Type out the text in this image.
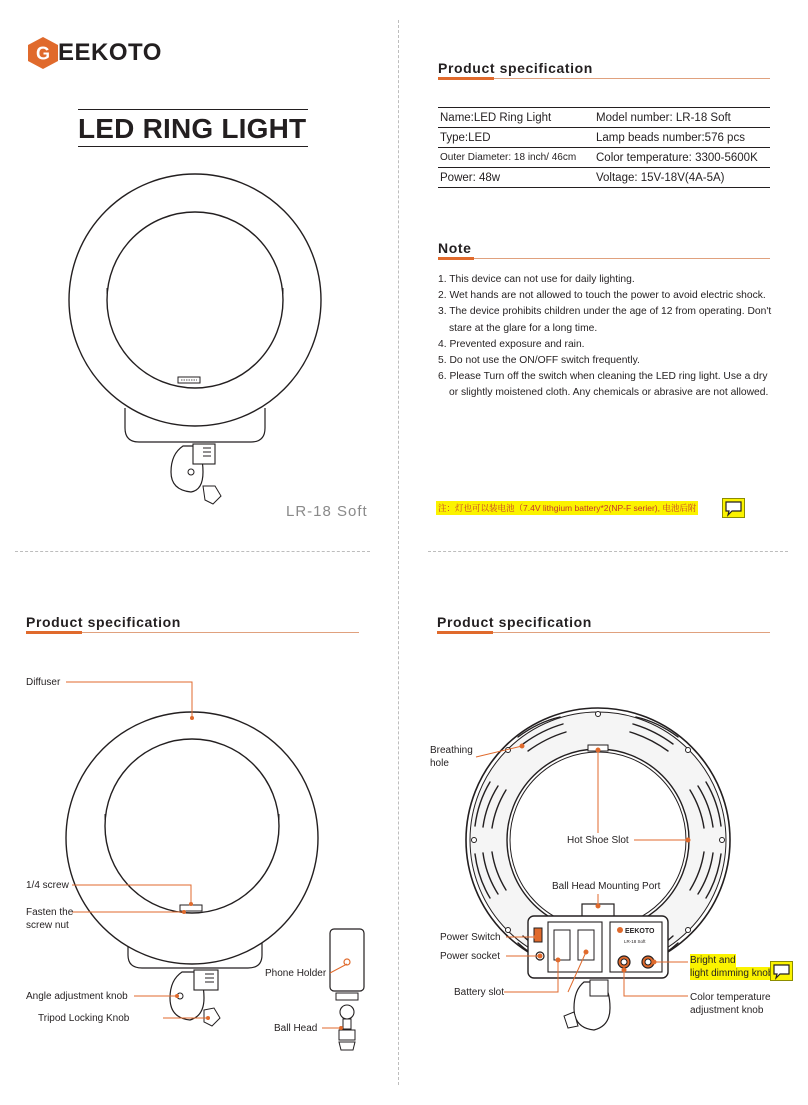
G EEKOTO
LED RING LIGHT
LR-18 Soft
Product specification
Name:LED Ring Light	Model number: LR-18 Soft
Type:LED	Lamp beads number:576 pcs
Outer Diameter: 18 inch/ 46cm	Color temperature: 3300-5600K
Power: 48w	Voltage: 15V-18V(4A-5A)
Note
1. This device can not use for daily lighting.
2. Wet hands are not allowed to touch the power to avoid electric shock.
3. The device prohibits children under the age of 12 from operating. Don't
stare at the glare for a long time.
4. Prevented exposure and rain.
5. Do not use the ON/OFF switch frequently.
6. Please Turn off the switch when cleaning the LED ring light. Use a dry
or slightly moistened cloth. Any chemicals or abrasive are not allowed.
注：灯也可以装电池（7.4V lithgium battery*2(NP-F serier), 电池后附
Product specification
Diffuser
1/4 screw
Fasten the
screw nut
Angle adjustment knob
Tripod Locking Knob
Phone Holder
Ball Head
Product specification
EEKOTO
LR-18 Soft
Breathing
hole
Hot Shoe Slot
Ball Head Mounting Port
Power Switch
Power socket
Battery slot
Bright and
light dimming knob
Color temperature
adjustment knob
